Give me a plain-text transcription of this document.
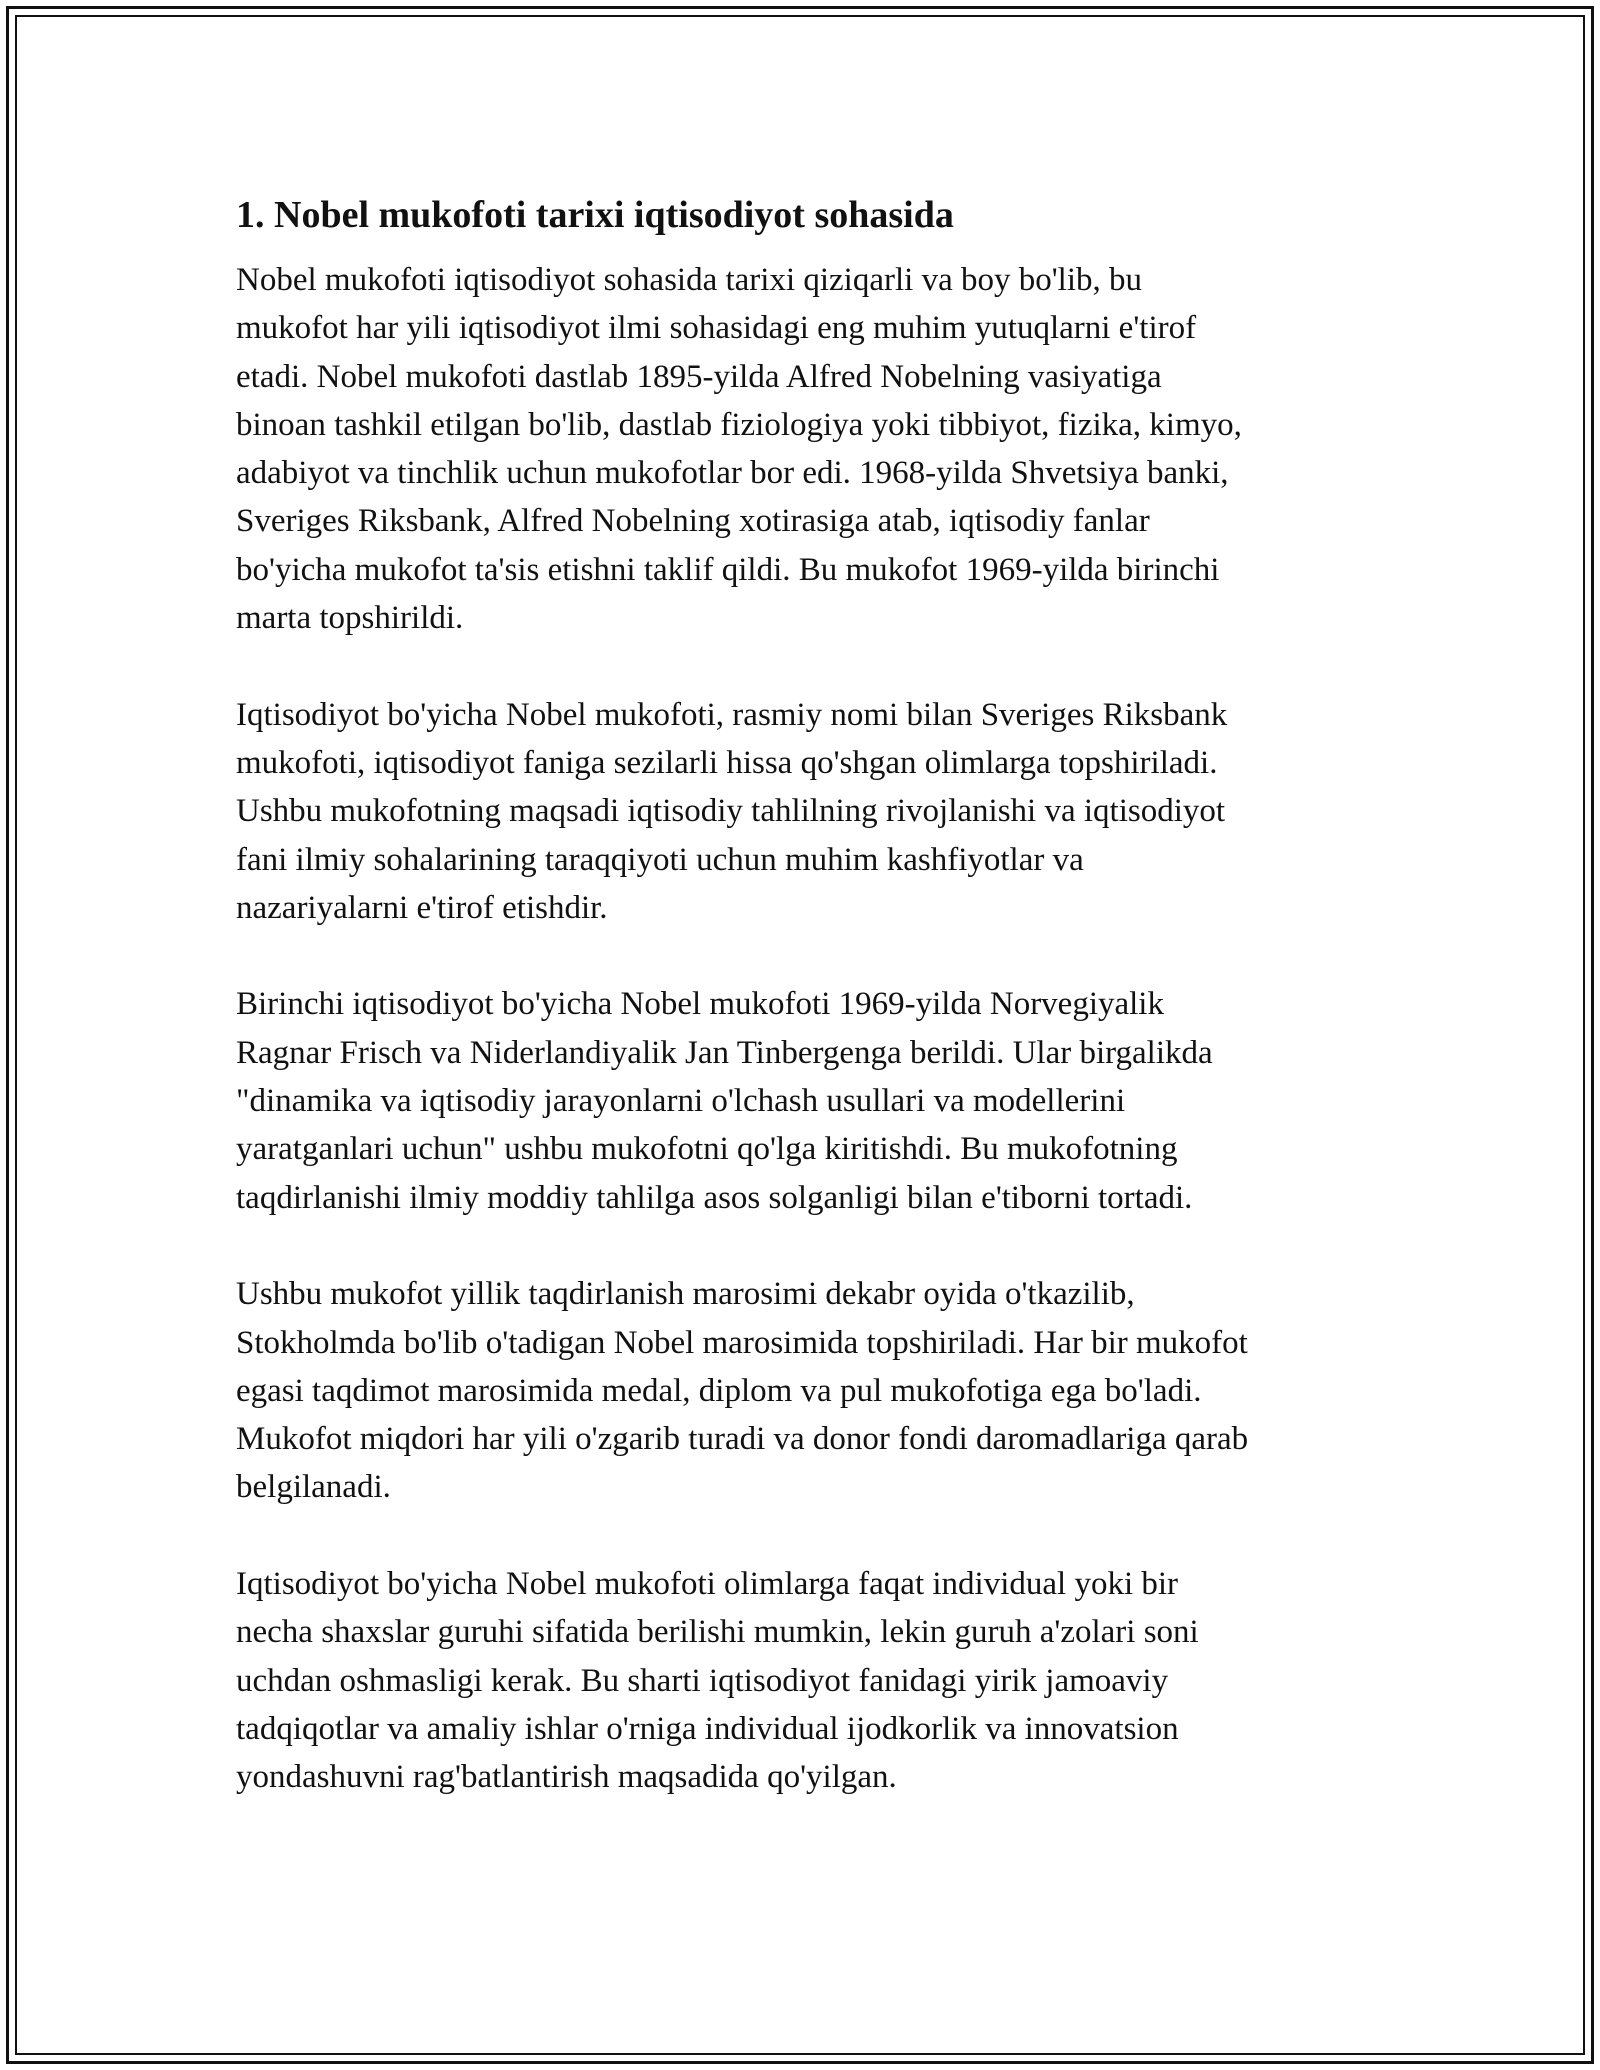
1. Nobel mukofoti tarixi iqtisodiyot sohasida

Nobel mukofoti iqtisodiyot sohasida tarixi qiziqarli va boy bo'lib, bu
mukofot har yili iqtisodiyot ilmi sohasidagi eng muhim yutuqlarni e'tirof
etadi. Nobel mukofoti dastlab 1895-yilda Alfred Nobelning vasiyatiga
binoan tashkil etilgan bo'lib, dastlab fiziologiya yoki tibbiyot, fizika, kimyo,
adabiyot va tinchlik uchun mukofotlar bor edi. 1968-yilda Shvetsiya banki,
Sveriges Riksbank, Alfred Nobelning xotirasiga atab, iqtisodiy fanlar
bo'yicha mukofot ta'sis etishni taklif qildi. Bu mukofot 1969-yilda birinchi
marta topshirildi.

Iqtisodiyot bo'yicha Nobel mukofoti, rasmiy nomi bilan Sveriges Riksbank
mukofoti, iqtisodiyot faniga sezilarli hissa qo'shgan olimlarga topshiriladi.
Ushbu mukofotning maqsadi iqtisodiy tahlilning rivojlanishi va iqtisodiyot
fani ilmiy sohalarining taraqqiyoti uchun muhim kashfiyotlar va
nazariyalarni e'tirof etishdir.

Birinchi iqtisodiyot bo'yicha Nobel mukofoti 1969-yilda Norvegiyalik
Ragnar Frisch va Niderlandiyalik Jan Tinbergenga berildi. Ular birgalikda
"dinamika va iqtisodiy jarayonlarni o'lchash usullari va modellerini
yaratganlari uchun" ushbu mukofotni qo'lga kiritishdi. Bu mukofotning
taqdirlanishi ilmiy moddiy tahlilga asos solganligi bilan e'tiborni tortadi.

Ushbu mukofot yillik taqdirlanish marosimi dekabr oyida o'tkazilib,
Stokholmda bo'lib o'tadigan Nobel marosimida topshiriladi. Har bir mukofot
egasi taqdimot marosimida medal, diplom va pul mukofotiga ega bo'ladi.
Mukofot miqdori har yili o'zgarib turadi va donor fondi daromadlariga qarab
belgilanadi.

Iqtisodiyot bo'yicha Nobel mukofoti olimlarga faqat individual yoki bir
necha shaxslar guruhi sifatida berilishi mumkin, lekin guruh a'zolari soni
uchdan oshmasligi kerak. Bu sharti iqtisodiyot fanidagi yirik jamoaviy
tadqiqotlar va amaliy ishlar o'rniga individual ijodkorlik va innovatsion
yondashuvni rag'batlantirish maqsadida qo'yilgan.
